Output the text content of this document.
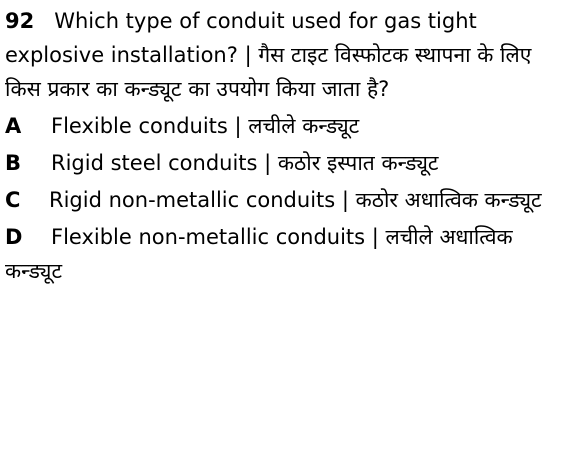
92 Which type of conduit used for gas tight explosive installation? | गैस टाइट विस्फोटक स्थापना के लिए किस प्रकार का कन्ड्यूट का उपयोग किया जाता है?
A Flexible conduits | लचीले कन्ड्यूट
B Rigid steel conduits | कठोर इस्पात कन्ड्यूट
C Rigid non-metallic conduits | कठोर अधात्विक कन्ड्यूट
D Flexible non-metallic conduits | लचीले अधात्विक कन्ड्यूट
